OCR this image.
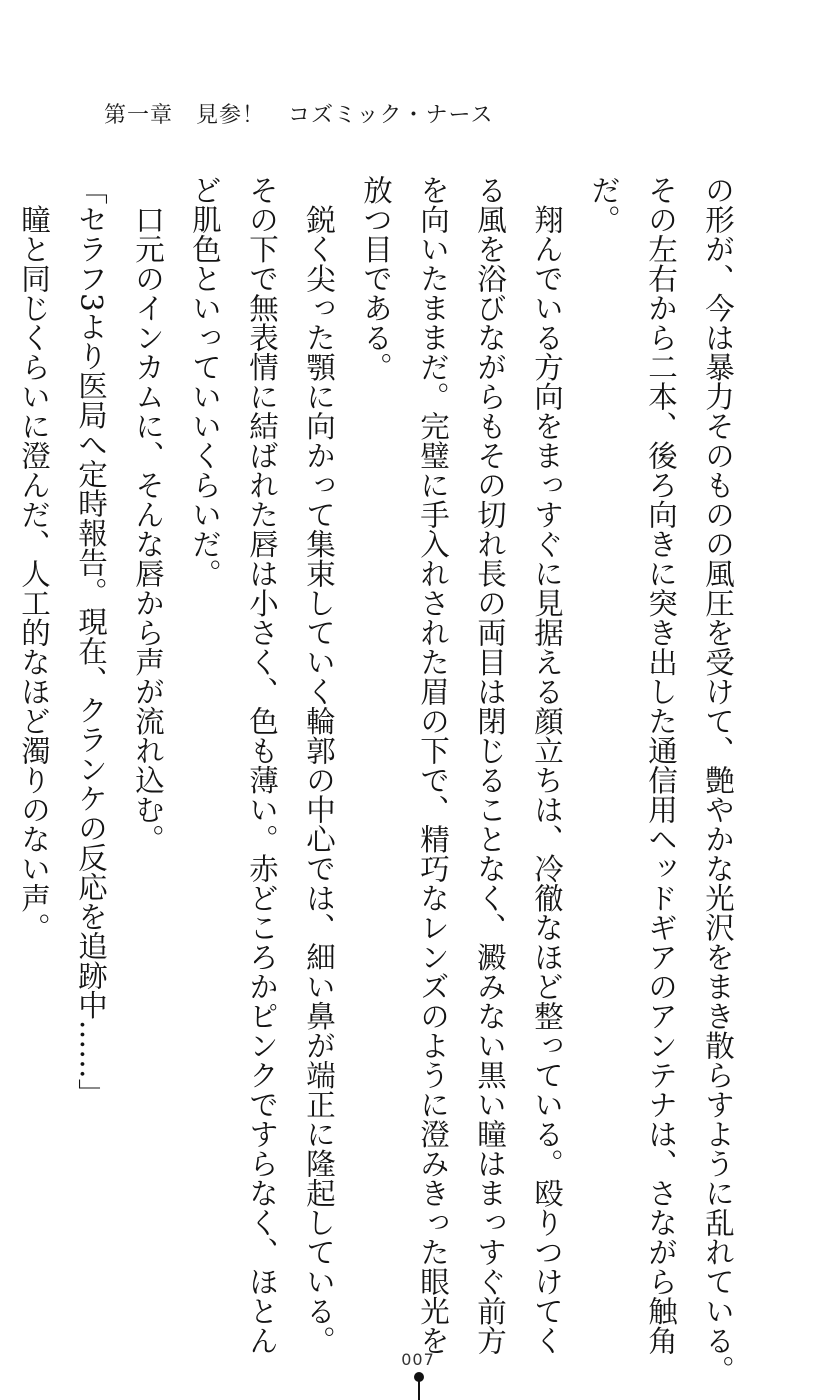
第一章　見参！　コズミック・ナース
の形が、今は暴力そのものの風圧を受けて、艶やかな光沢をまき散らすように乱れている。
その左右から二本、後ろ向きに突き出した通信用ヘッドギアのアンテナは、さながら触角
だ。
　翔んでいる方向をまっすぐに見据える顔立ちは、冷徹なほど整っている。殴りつけてく
る風を浴びながらもその切れ長の両目は閉じることなく、澱みない黒い瞳はまっすぐ前方
を向いたままだ。完璧に手入れされた眉の下で、精巧なレンズのように澄みきった眼光を
放つ目である。
　鋭く尖った顎に向かって集束していく輪郭の中心では、細い鼻が端正に隆起している。
その下で無表情に結ばれた唇は小さく、色も薄い。赤どころかピンクですらなく、ほとん
ど肌色といっていいくらいだ。
　口元のインカムに、そんな唇から声が流れ込む。
「セラフ3より医局へ定時報告。現在、クランケの反応を追跡中……」
　瞳と同じくらいに澄んだ、人工的なほど濁りのない声。
007
